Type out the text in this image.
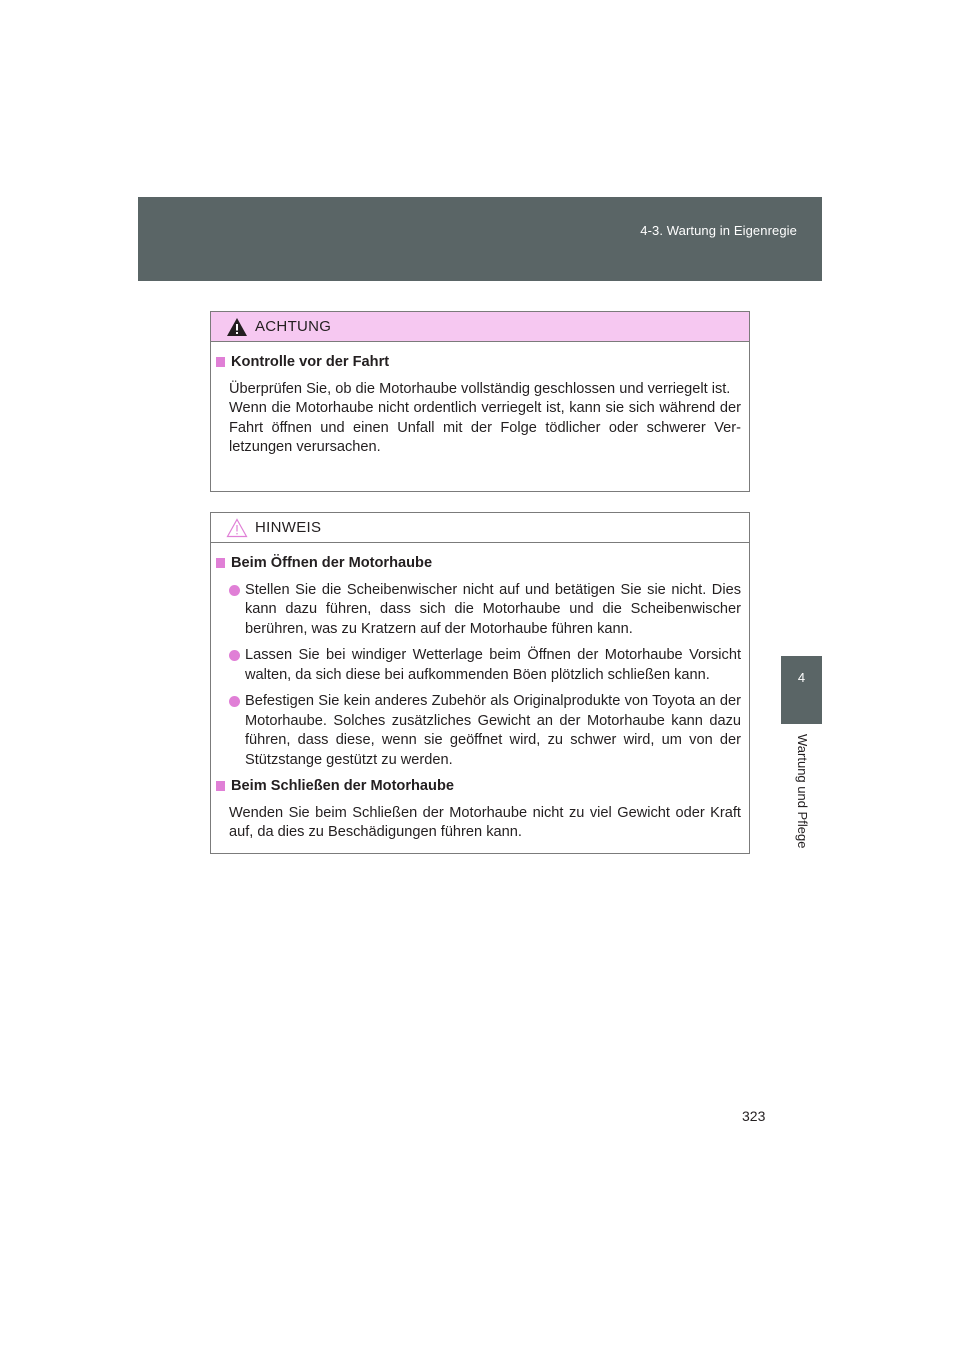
4-3. Wartung in Eigenregie
4
Wartung und Pflege
ACHTUNG
Kontrolle vor der Fahrt
Überprüfen Sie, ob die Motorhaube vollständig geschlossen und verriegelt ist.
Wenn die Motorhaube nicht ordentlich verriegelt ist, kann sie sich während der Fahrt öffnen und einen Unfall mit der Folge tödlicher oder schwerer Ver-letzungen verursachen.
HINWEIS
Beim Öffnen der Motorhaube
Stellen Sie die Scheibenwischer nicht auf und betätigen Sie sie nicht. Dies kann dazu führen, dass sich die Motorhaube und die Scheibenwischer berühren, was zu Kratzern auf der Motorhaube führen kann.
Lassen Sie bei windiger Wetterlage beim Öffnen der Motorhaube Vorsicht walten, da sich diese bei aufkommenden Böen plötzlich schließen kann.
Befestigen Sie kein anderes Zubehör als Originalprodukte von Toyota an der Motorhaube. Solches zusätzliches Gewicht an der Motorhaube kann dazu führen, dass diese, wenn sie geöffnet wird, zu schwer wird, um von der Stützstange gestützt zu werden.
Beim Schließen der Motorhaube
Wenden Sie beim Schließen der Motorhaube nicht zu viel Gewicht oder Kraft auf, da dies zu Beschädigungen führen kann.
323
